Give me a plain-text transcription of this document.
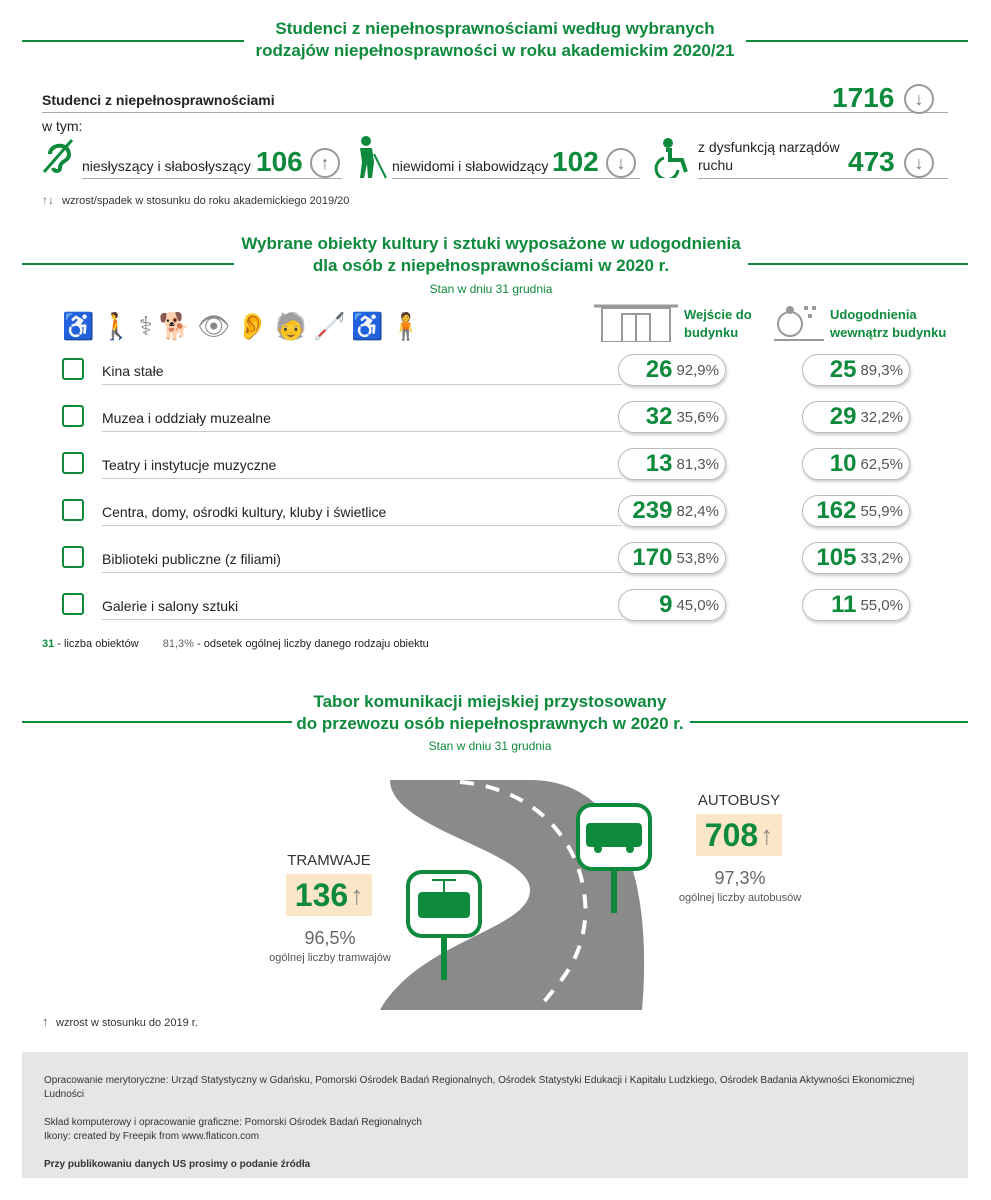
Studenci z niepełnosprawnościami według wybranych
rodzajów niepełnosprawności w roku akademickim 2020/21
Studenci z niepełnosprawnościami	1716	↓
w tym:
niesłyszący i słabosłyszący 106 ↑	niewidomi i słabowidzący 102 ↓
z dysfunkcją narządów
ruchu	473	↓
↑↓ wzrost/spadek w stosunku do roku akademickiego 2019/20
Wybrane obiekty kultury i sztuki wyposażone w udogodnienia
dla osób z niepełnosprawnościami w 2020 r.
Stan w dniu 31 grudnia
♿ 🚶 ⚕ 🐕 👁 👂 🧓 🦯 ♿ 🧍	Wejście do
budynku
Udogodnienia
wewnątrz budynku
Kina stałe	26 92,9%	25 89,3%
Muzea i oddziały muzealne	32 35,6%	29 32,2%
Teatry i instytucje muzyczne	13 81,3%	10 62,5%
Centra, domy, ośrodki kultury, kluby i świetlice	239 82,4%	162 55,9%
Biblioteki publiczne (z filiami)	170 53,8%	105 33,2%
Galerie i salony sztuki	9 45,0%	11 55,0%
31 - liczba obiektów 81,3% - odsetek ogólnej liczby danego rodzaju obiektu
Tabor komunikacji miejskiej przystosowany
do przewozu osób niepełnosprawnych w 2020 r.
Stan w dniu 31 grudnia
TRAMWAJE
136 ↑
96,5%
ogólnej liczby tramwajów
AUTOBUSY
708 ↑
97,3%
ogólnej liczby autobusów
↑ wzrost w stosunku do 2019 r.
Opracowanie merytoryczne: Urząd Statystyczny w Gdańsku, Pomorski Ośrodek Badań Regionalnych, Ośrodek Statystyki Edukacji i Kapitału Ludzkiego, Ośrodek Badania Aktywności Ekonomicznej Ludności
Skład komputerowy i opracowanie graficzne: Pomorski Ośrodek Badań Regionalnych
Ikony: created by Freepik from www.flaticon.com
Przy publikowaniu danych US prosimy o podanie źródła
